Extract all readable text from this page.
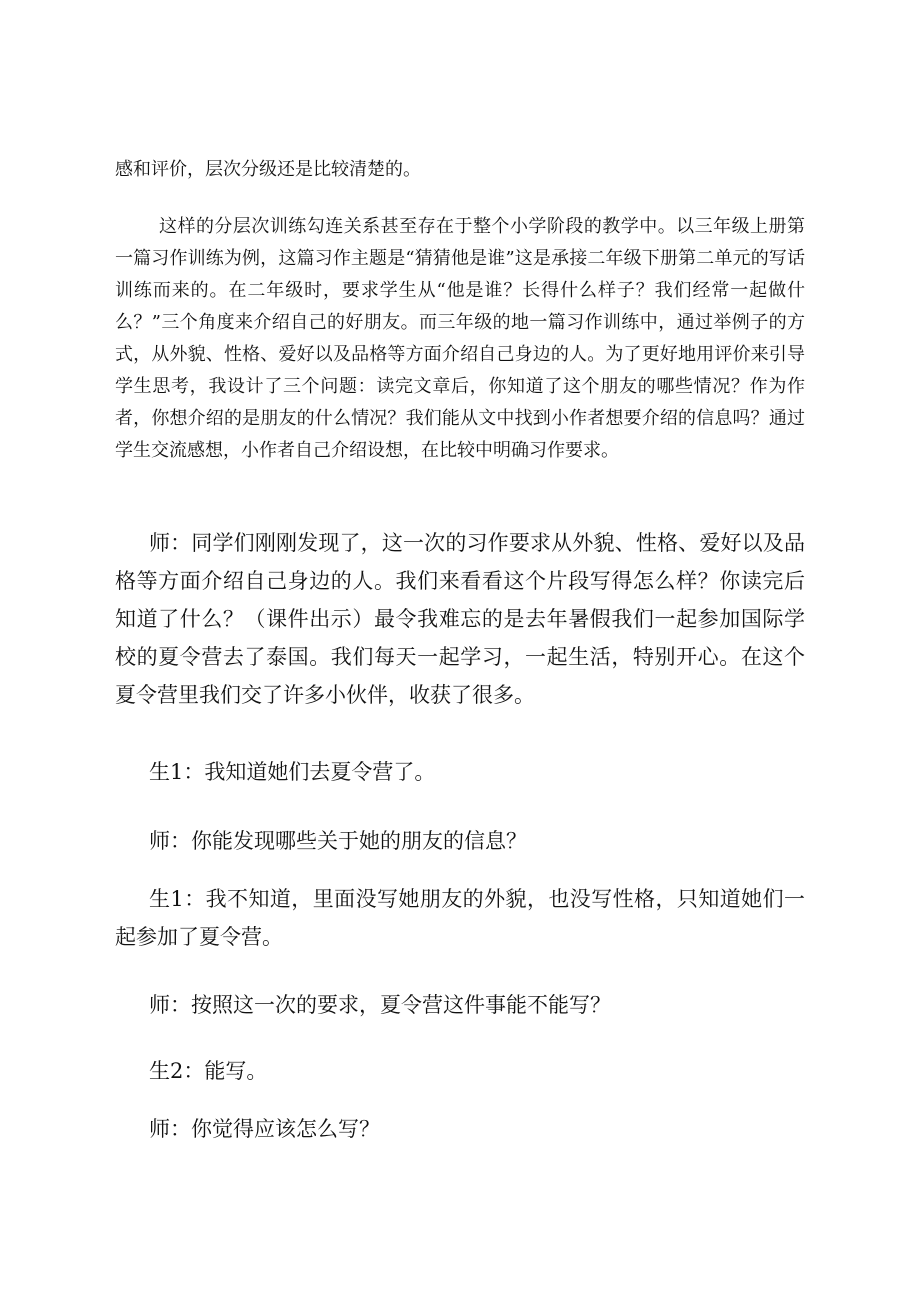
感和评价，层次分级还是比较清楚的。

这样的分层次训练勾连关系甚至存在于整个小学阶段的教学中。以三年级上册第一篇习作训练为例，这篇习作主题是“猜猜他是谁”这是承接二年级下册第二单元的写话训练而来的。在二年级时，要求学生从“他是谁？长得什么样子？我们经常一起做什么？”三个角度来介绍自己的好朋友。而三年级的地一篇习作训练中，通过举例子的方式，从外貌、性格、爱好以及品格等方面介绍自己身边的人。为了更好地用评价来引导学生思考，我设计了三个问题：读完文章后，你知道了这个朋友的哪些情况？作为作者，你想介绍的是朋友的什么情况？我们能从文中找到小作者想要介绍的信息吗？通过学生交流感想，小作者自己介绍设想，在比较中明确习作要求。

师：同学们刚刚发现了，这一次的习作要求从外貌、性格、爱好以及品格等方面介绍自己身边的人。我们来看看这个片段写得怎么样？你读完后知道了什么？（课件出示）最令我难忘的是去年暑假我们一起参加国际学校的夏令营去了泰国。我们每天一起学习，一起生活，特别开心。在这个夏令营里我们交了许多小伙伴，收获了很多。

生1：我知道她们去夏令营了。

师：你能发现哪些关于她的朋友的信息？

生1：我不知道，里面没写她朋友的外貌，也没写性格，只知道她们一起参加了夏令营。

师：按照这一次的要求，夏令营这件事能不能写？

生2：能写。

师：你觉得应该怎么写？
